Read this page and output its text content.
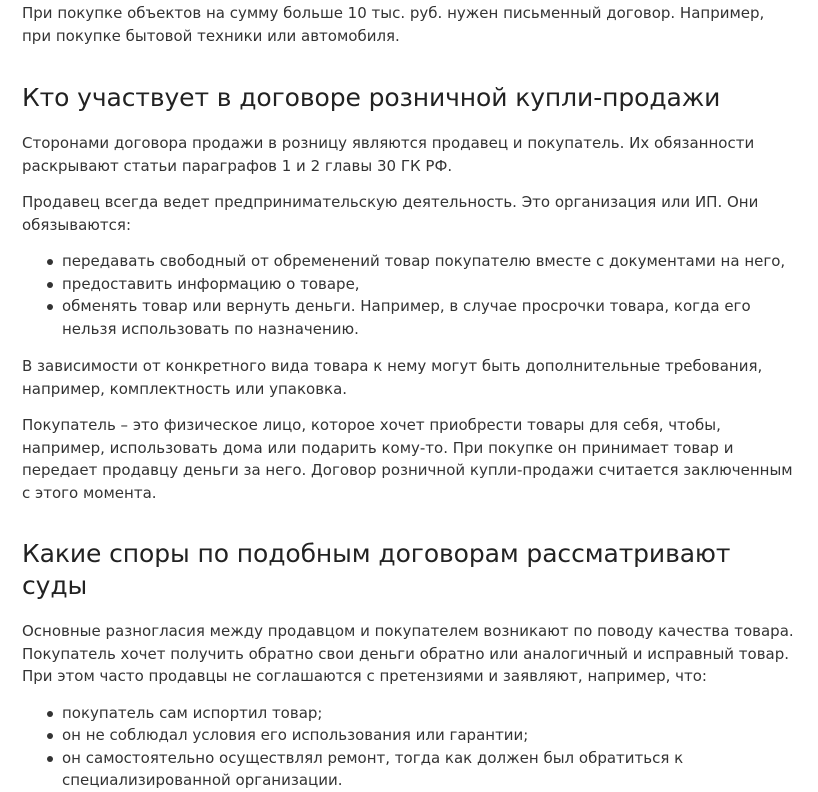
При покупке объектов на сумму больше 10 тыс. руб. нужен письменный договор. Например, при покупке бытовой техники или автомобиля.

Кто участвует в договоре розничной купли-продажи

Сторонами договора продажи в розницу являются продавец и покупатель. Их обязанности раскрывают статьи параграфов 1 и 2 главы 30 ГК РФ.

Продавец всегда ведет предпринимательскую деятельность. Это организация или ИП. Они обязываются:

передавать свободный от обременений товар покупателю вместе с документами на него,
предоставить информацию о товаре,
обменять товар или вернуть деньги. Например, в случае просрочки товара, когда его нельзя использовать по назначению.

В зависимости от конкретного вида товара к нему могут быть дополнительные требования, например, комплектность или упаковка.

Покупатель – это физическое лицо, которое хочет приобрести товары для себя, чтобы, например, использовать дома или подарить кому-то. При покупке он принимает товар и передает продавцу деньги за него. Договор розничной купли-продажи считается заключенным с этого момента.

Какие споры по подобным договорам рассматривают суды

Основные разногласия между продавцом и покупателем возникают по поводу качества товара. Покупатель хочет получить обратно свои деньги обратно или аналогичный и исправный товар. При этом часто продавцы не соглашаются с претензиями и заявляют, например, что:

покупатель сам испортил товар;
он не соблюдал условия его использования или гарантии;
он самостоятельно осуществлял ремонт, тогда как должен был обратиться к специализированной организации.
